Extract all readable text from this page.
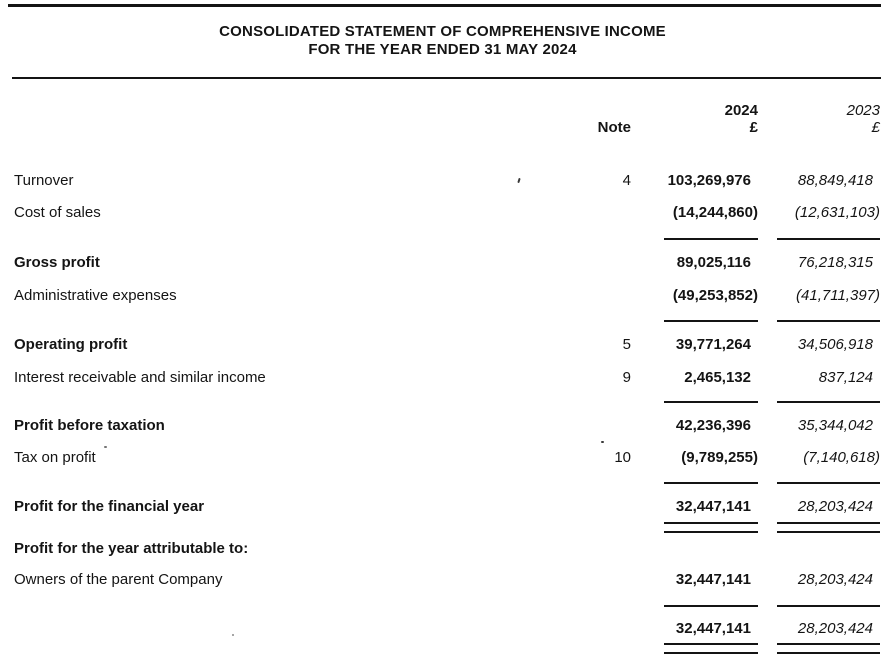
CONSOLIDATED STATEMENT OF COMPREHENSIVE INCOME
FOR THE YEAR ENDED 31 MAY 2024
2024	2023
Note	£	£
Turnover	4	103,269,976	88,849,418
Cost of sales	(14,244,860)	(12,631,103)
Gross profit	89,025,116	76,218,315
Administrative expenses	(49,253,852)	(41,711,397)
Operating profit	5	39,771,264	34,506,918
Interest receivable and similar income	9	2,465,132	837,124
Profit before taxation	42,236,396	35,344,042
Tax on profit	10	(9,789,255)	(7,140,618)
Profit for the financial year	32,447,141	28,203,424
Profit for the year attributable to:
Owners of the parent Company	32,447,141	28,203,424
32,447,141	28,203,424
